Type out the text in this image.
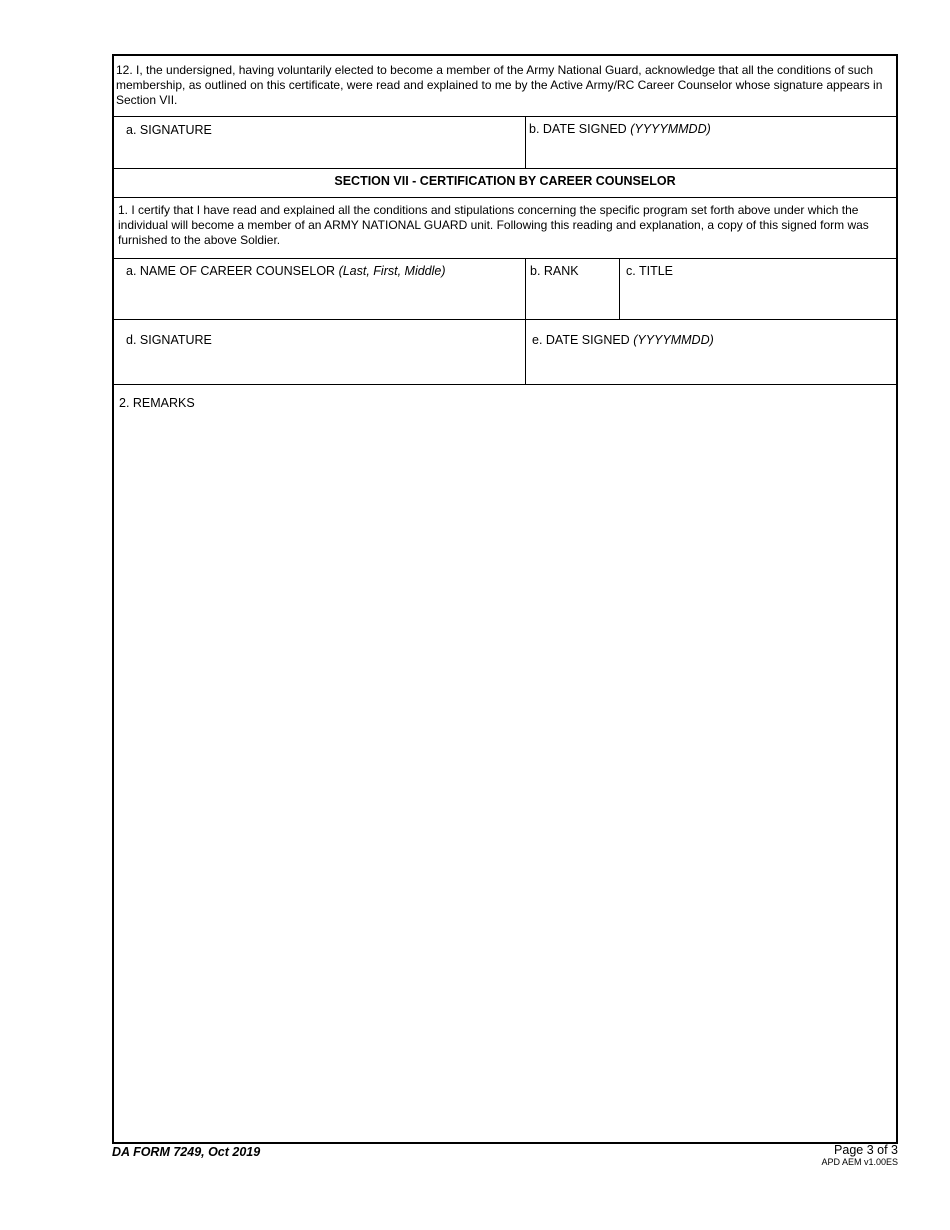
12. I, the undersigned, having voluntarily elected to become a member of the Army National Guard, acknowledge that all the conditions of such membership, as outlined on this certificate, were read and explained to me by the Active Army/RC Career Counselor whose signature appears in Section VII.
a. SIGNATURE	b. DATE SIGNED (YYYYMMDD)
SECTION VII - CERTIFICATION BY CAREER COUNSELOR
1. I certify that I have read and explained all the conditions and stipulations concerning the specific program set forth above under which the individual will become a member of an ARMY NATIONAL GUARD unit. Following this reading and explanation, a copy of this signed form was furnished to the above Soldier.
a. NAME OF CAREER COUNSELOR (Last, First, Middle)	b. RANK	c. TITLE
d. SIGNATURE	e. DATE SIGNED (YYYYMMDD)
2. REMARKS
DA FORM 7249, Oct 2019	Page 3 of 3
APD AEM v1.00ES
